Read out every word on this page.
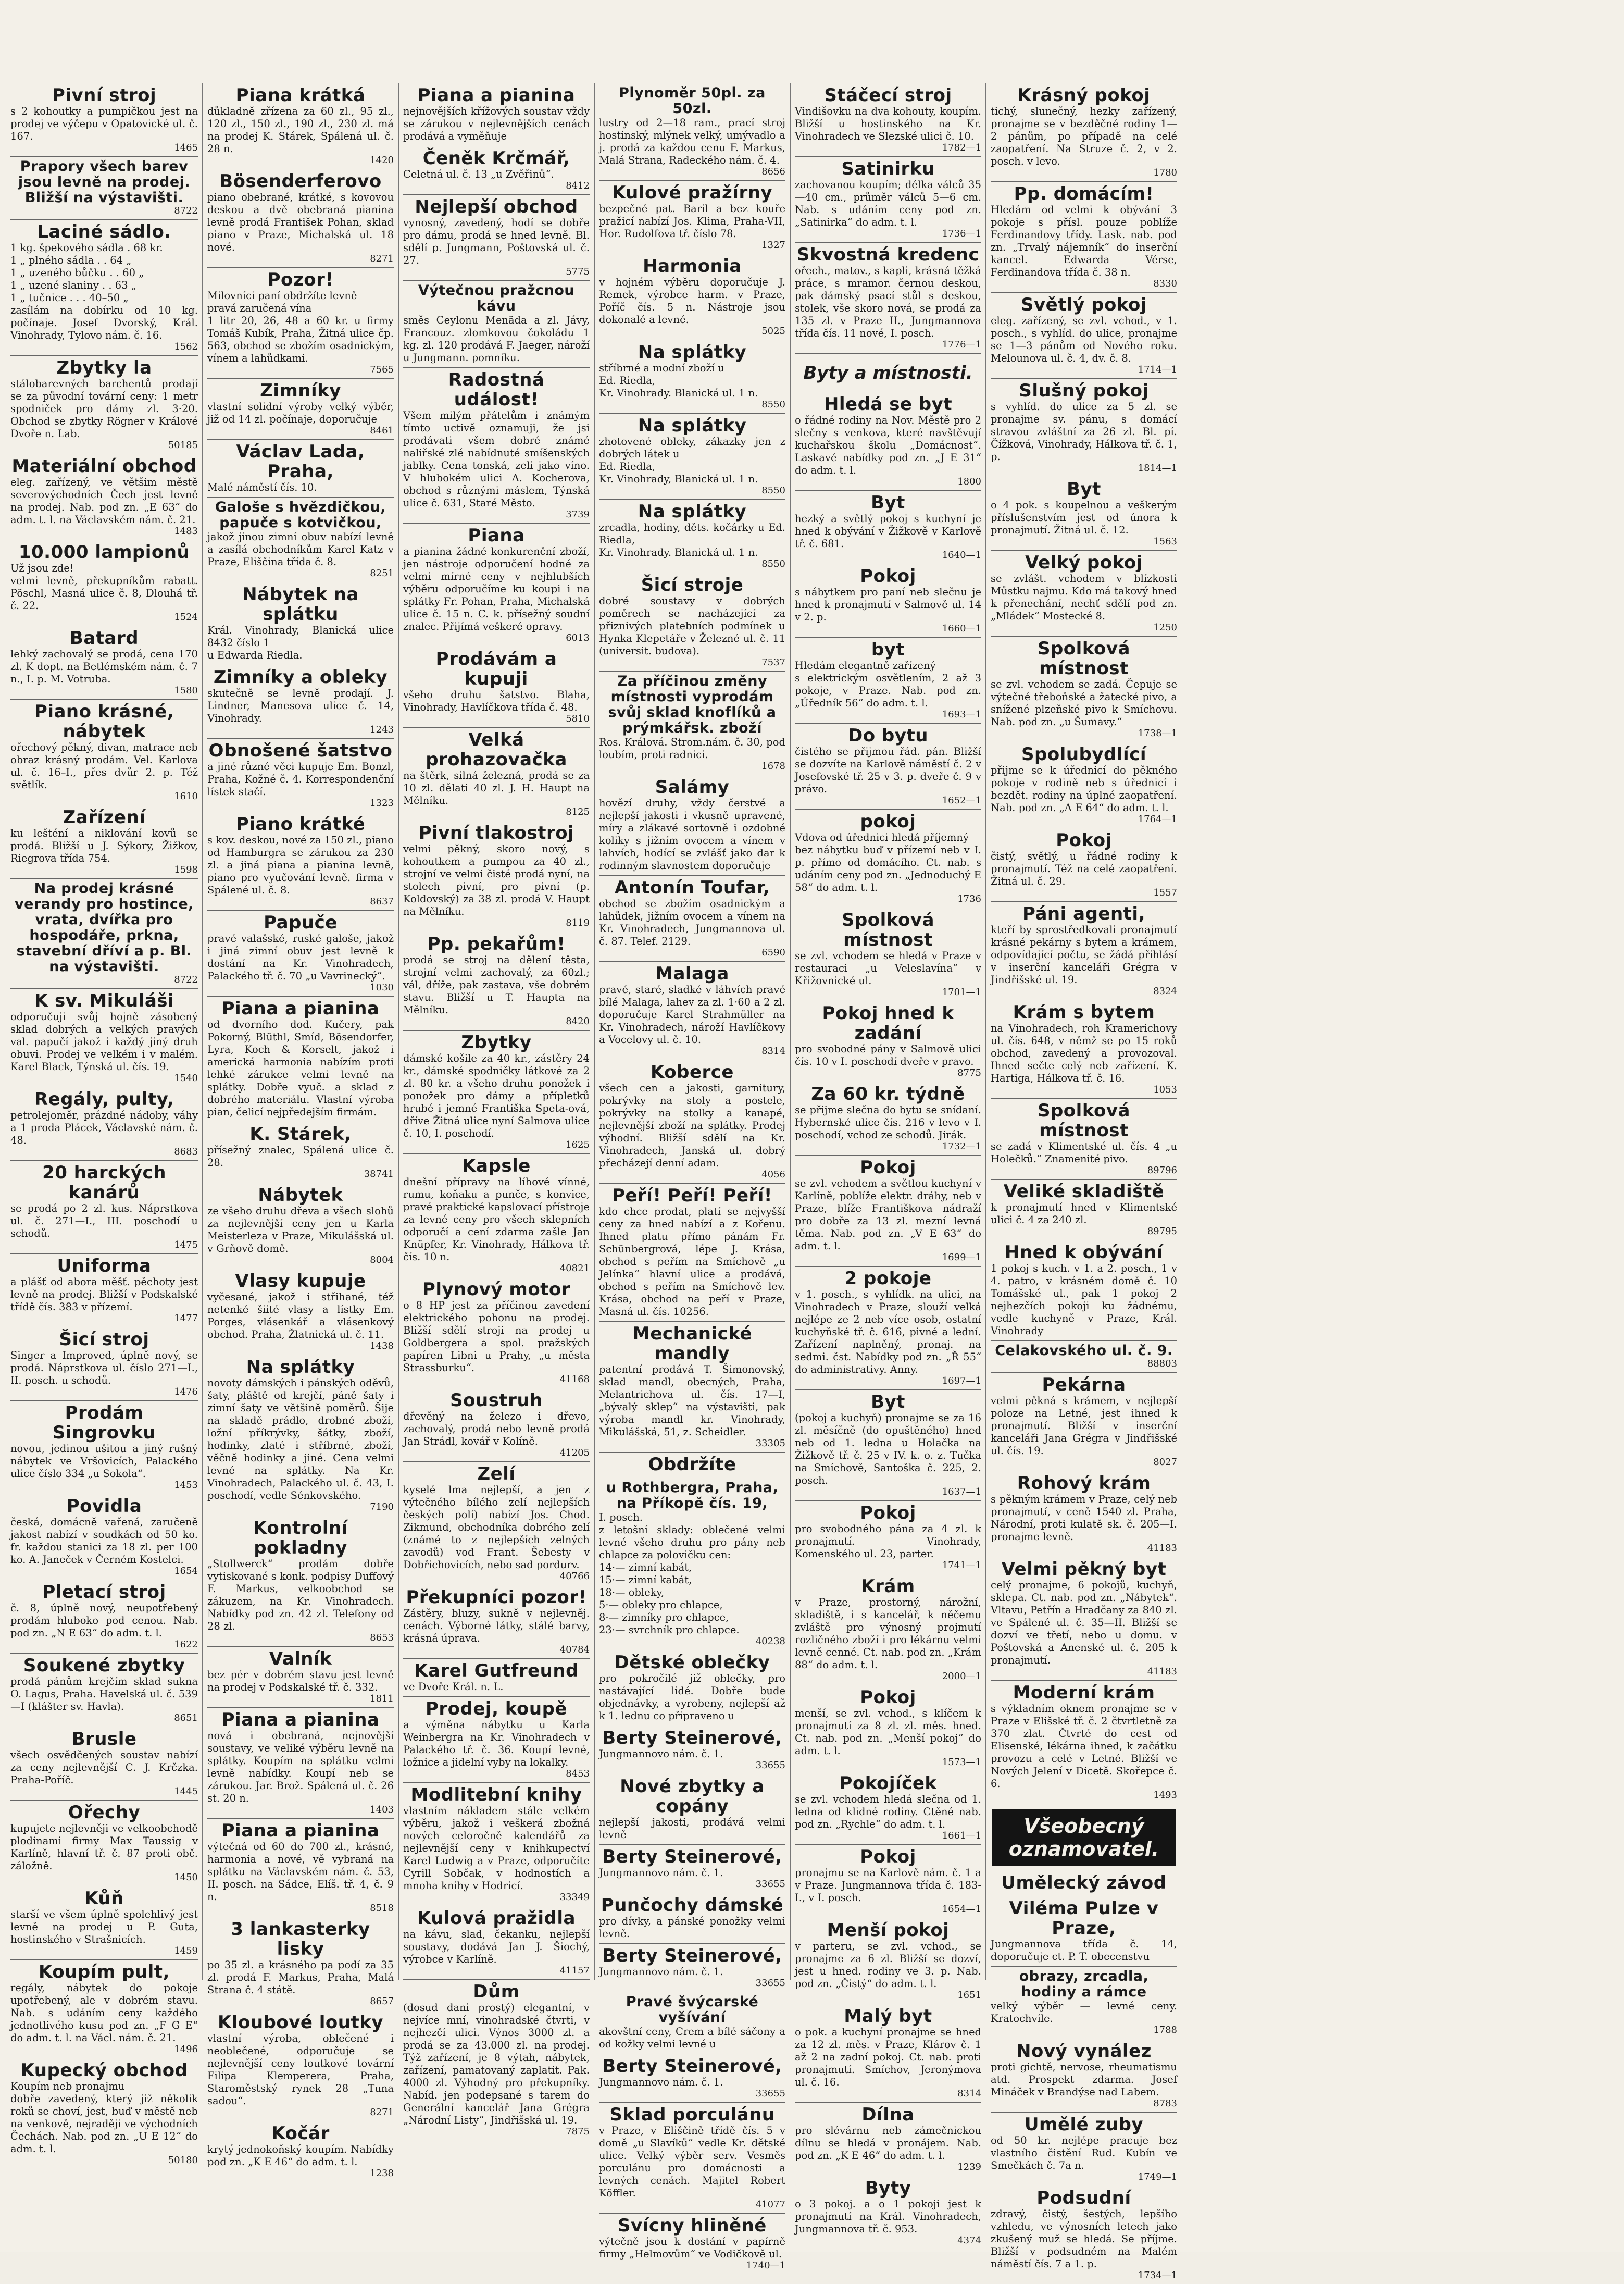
Pivní stroj

s 2 kohoutky a pumpičkou jest na prodej ve výčepu v Opatovické ul. č. 167.

1465
Prapory všech barev jsou levně na prodej. Bližší na výstavišti.
8722
Laciné sádlo.

1 kg. špekového sádla . 68 kr.
1 „ plného sádla . . 64 „
1 „ uzeného bůčku . . 60 „
1 „ uzené slaniny . . 63 „
1 „ tučnice . . . 40–50 „
zasílám na dobírku od 10 kg. počínaje. Josef Dvorský, Král. Vinohrady, Tylovo nám. č. 16.

1562
Zbytky la

stálobarevných barchentů prodají se za původní tovární ceny: 1 metr spodniček pro dámy zl. 3·20. Obchod se zbytky Rögner v Králové Dvoře n. Lab.

50185
Materiální obchod

eleg. zařízený, ve většim městě severovýchodních Čech jest levně na prodej. Nab. pod zn. „E 63“ do adm. t. l. na Václavském nám. č. 21.

1483
10.000 lampionů

Už jsou zde!
velmi levně, překupníkům rabatt. Pöschl, Masná ulice č. 8, Dlouhá tř. č. 22.

1524
Batard

lehký zachovalý se prodá, cena 170 zl. K dopt. na Betlémském nám. č. 7 n., I. p. M. Votruba.

1580
Piano krásné, nábytek

ořechový pěkný, divan, matrace neb obraz krásný prodám. Vel. Karlova ul. č. 16–I., přes dvůr 2. p. Též světlík.

1610
Zařízení

ku lešténí a niklování kovů se prodá. Bližší u J. Sýkory, Žižkov, Riegrova třída 754.

1598
Na prodej krásné verandy pro hostince, vrata, dvířka pro hospodáře, prkna, stavební dříví a p. Bl. na výstavišti.
8722
K sv. Mikuláši

odporučuji svůj hojně zásobený sklad dobrých a velkých pravých val. papučí jakož i každý jiný druh obuvi. Prodej ve velkém i v malém. Karel Black, Týnská ul. čís. 19.

1540
Regály, pulty,

petrolejoměr, prázdné nádoby, váhy a 1 proda Plácek, Václavské nám. č. 48.

8683
20 harckých kanárů

se prodá po 2 zl. kus. Náprstkova ul. č. 271—I., III. poschodí u schodů.

1475
Uniforma

a plášť od abora měšť. pěchoty jest levně na prodej. Bližší v Podskalské třídě čís. 383 v přízemí.

1477
Šicí stroj

Singer a Improved, úplně nový, se prodá. Náprstkova ul. číslo 271—I., II. posch. u schodů.

1476
Prodám Singrovku

novou, jedinou ušitou a jiný rušný nábytek ve Vršovicích, Palackého ulice číslo 334 „u Sokola“.

1453
Povidla

česká, domácně vařená, zaručeně jakost nabízí v soudkách od 50 ko. fr. každou stanici za 18 zl. per 100 ko. A. Janeček v Černém Kostelci.

1654
Pletací stroj

č. 8, úplně nový, neupotřebený prodám hluboko pod cenou. Nab. pod zn. „N E 63“ do adm. t. l.

1622
Soukené zbytky

prodá pánům krejčím sklad sukna O. Lagus, Praha. Havelská ul. č. 539—I (klášter sv. Havla).

8651
Brusle

všech osvědčených soustav nabízí za ceny nejlevnější C. J. Krčzka. Praha-Poříč.

1445
Ořechy

kupujete nejlevněji ve velkoobchodě plodinami firmy Max Taussig v Karlíně, hlavní tř. č. 87 proti obč. záložně.

1450
Kůň

starší ve všem úplně spolehlivý jest levně na prodej u P. Guta, hostinského v Strašnicích.

1459
Koupím pult,

regály, nábytek do pokoje upotřebený, ale v dobrém stavu. Nab. s udáním ceny každého jednotlivého kusu pod zn. „F G E“ do adm. t. l. na Václ. nám. č. 21.

1496
Kupecký obchod

Koupím neb pronajmu
dobře zavedený, který již několik roků se choví, jest, buď v městě neb na venkově, nejraději ve východních Čechách. Nab. pod zn. „U E 12“ do adm. t. l.

50180
Piana krátká

důkladně zřízena za 60 zl., 95 zl., 120 zl., 150 zl., 190 zl., 230 zl. má na prodej K. Stárek, Spálená ul. č. 28 n.

1420
Bösenderferovo

piano obebrané, krátké, s kovovou deskou a dvě obebraná pianina levně prodá František Pohan, sklad piano v Praze, Michalská ul. 18 nové.

8271
Pozor!

Milovníci paní obdržíte levně
pravá zaručená vína
1 litr 20, 26, 48 a 60 kr. u firmy Tomáš Kubík, Praha, Žitná ulice čp. 563, obchod se zbožím osadnickým, vínem a lahůdkami.

7565
Zimníky

vlastní solidní výroby velký výběr, již od 14 zl. počínaje, doporučuje

8461
Václav Lada, Praha,

Malé náměstí čís. 10.

Galoše s hvězdičkou, papuče s kotvičkou,

jakož jinou zimní obuv nabízí levně a zasílá obchodníkům Karel Katz v Praze, Eliščina třída č. 8.

8251
Nábytek na splátku

Král. Vinohrady, Blanická ulice 8432 číslo 1
u Edwarda Riedla.

Zimníky a obleky

skutečně se levně prodají. J. Lindner, Manesova ulice č. 14, Vinohrady.

1243
Obnošené šatstvo

a jiné různé věci kupuje Em. Bonzl, Praha, Kožné č. 4. Korrespondenční lístek stačí.

1323
Piano krátké

s kov. deskou, nové za 150 zl., piano od Hamburgra se zárukou za 230 zl. a jiná piana a pianina levně, piano pro vyučování levně. firma v Spálené ul. č. 8.

8637
Papuče

pravé valašské, ruské galoše, jakož i jiná zimní obuv jest levně k dostání na Kr. Vinohradech, Palackého tř. č. 70 „u Vavrinecký“.

1030
Piana a pianina

od dvorního dod. Kučery, pak Pokorný, Blüthl, Smíd, Bösendorfer, Lyra, Koch & Korselt, jakož i americká harmonia nabízím proti lehké zárukce velmi levně na splátky. Dobře vyuč. a sklad z dobrého materiálu. Vlastní výroba pian, čelicí nejpředejším firmám.

K. Stárek,

přísežný znalec, Spálená ulice č. 28.

38741
Nábytek

ze všeho druhu dřeva a všech slohů za nejlevnější ceny jen u Karla Meisterleza v Praze, Mikulášská ul. v Grňově domě.

8004
Vlasy kupuje

vyčesané, jakož i střihané, též netenké šiité vlasy a lístky Em. Porges, vlásenkář a vlásenkový obchod. Praha, Žlatnická ul. č. 11.

1438
Na splátky

novoty dámských i pánských oděvů, šaty, pláště od krejčí, páně šaty i zimní šaty ve většině poměrů. Šije na skladě prádlo, drobné zboží, ložní příkrývky, šátky, zboží, hodinky, zlaté i stříbrné, zboží, věčně hodinky a jiné. Cena velmi levné na splátky. Na Kr. Vinohradech, Palackého ul. č. 43, I. poschodí, vedle Sénkovského.

7190
Kontrolní pokladny

„Stollwerck“ prodám dobře vytiskované s konk. podpisy Duffový F. Markus, velkoobchod se zákuzem, na Kr. Vinohradech. Nabídky pod zn. 42 zl. Telefony od 28 zl.

8653
Valník

bez pér v dobrém stavu jest levně na prodej v Podskalské tř. č. 332.

1811
Piana a pianina

nová i obebraná, nejnovější soustavy, ve veliké výběru levně na splátky. Koupím na splátku velmi levně nabídky. Koupí neb se zárukou. Jar. Brož. Spálená ul. č. 26 st. 20 n.

1403
Piana a pianina

výtečná od 60 do 700 zl., krásné, harmonia a nové, vě vybraná na splátku na Václavském nám. č. 53, II. posch. na Sádce, Elíš. tř. 4, č. 9 n.

8518
3 lankasterky lisky

po 35 zl. a krásného pa podí za 35 zl. prodá F. Markus, Praha, Malá Strana č. 4 státě.

8657
Kloubové loutky

vlastní výroba, oblečené i neoblečené, odporučuje se nejlevnější ceny loutkové tovární Filipa Klemperera, Praha, Staroměstský rynek 28 „Tuna sadou“.

8271
Kočár

krytý jednokoňský koupím. Nabídky pod zn. „K E 46“ do adm. t. l.

1238
Piana a pianina

nejnovějších křížových soustav vždy se zárukou v nejlevnějších cenách prodává a vyměňuje

Čeněk Krčmář,

Celetná ul. č. 13 „u Zvěřinů“.

8412
Nejlepší obchod

vynosný, zavedený, hodí se dobře pro dámu, prodá se hned levně. Bl. sdělí p. Jungmann, Poštovská ul. č. 27.

5775
Výtečnou pražcnou kávu

směs Ceylonu Menäda a zl. Jávy, Francouz. zlomkovou čokoládu 1 kg. zl. 120 prodává F. Jaeger, nároží u Jungmann. pomníku.

Radostná událost!

Všem milým přátelům i známým tímto uctivě oznamuji, že jsi prodávati všem dobré známé naliřské zlé nabídnuté smíšenských jablky. Cena tonská, zeli jako víno. V hlubokém ulici A. Kocherova, obchod s různými máslem, Týnská ulice č. 631, Staré Město.

3739
Piana

a pianina žádné konkurenční zboží, jen nástroje odporučení hodné za velmi mírné ceny v nejhlubších výběru odporučíme ku koupi i na splátky Fr. Pohan, Praha, Michalská ulice č. 15 n. C. k. přísežný soudní znalec. Přijímá veškeré opravy.

6013
Prodávám a kupuji

všeho druhu šatstvo. Blaha, Vinohrady, Havlíčkova třída č. 48.

5810
Velká prohazovačka

na štěrk, silná železná, prodá se za 10 zl. dělati 40 zl. J. H. Haupt na Mělníku.

8125
Pivní tlakostroj

velmi pěkný, skoro nový, s kohoutkem a pumpou za 40 zl., strojní ve velmi čisté prodá nyní, na stolech pivní, pro pivní (p. Koldovský) za 38 zl. prodá V. Haupt na Mělníku.

8119
Pp. pekařům!

prodá se stroj na dělení těsta, strojní velmi zachovalý, za 60zl.; vál, dříže, pak zastava, vše dobrém stavu. Bližší u T. Haupta na Mělníku.

8420
Zbytky

dámské košile za 40 kr., zástěry 24 kr., dámské spodničky látkové za 2 zl. 80 kr. a všeho druhu ponožek i ponožek pro dámy a přípletků hrubé i jemné Františka Speta-ová, dříve Žitná ulice nyní Salmova ulice č. 10, I. poschodí.

1625
Kapsle

dnešní přípravy na líhové vínné, rumu, koňaku a punče, s konvice, pravé praktické kapslovací přístroje za levné ceny pro všech sklepních odporučí a cení zdarma zašle Jan Knüpfer, Kr. Vinohrady, Hálkova tř. čís. 10 n.

40821
Plynový motor

o 8 HP jest za příčinou zavedení elektrického pohonu na prodej. Bližší sdělí stroji na prodej u Goldbergera a spol. pražských papíren Libni u Prahy, „u města Strassburku“.

41168
Soustruh

dřevěný na železo i dřevo, zachovalý, prodá nebo levně prodá Jan Strádl, kovář v Kolíně.

41205
Zelí

kyselé lma nejlepší, a jen z výtečného bílého zelí nejlepších českých polí) nabízí Jos. Chod. Zikmund, obchodníka dobrého zelí (známé to z nejlepších zelných zavodů) vod Frant. Šebesty v Dobřichovicích, nebo sad pordurv.

40766
Překupníci pozor!

Zástěry, bluzy, sukně v nejlevněj. cenách. Výborné látky, stálé barvy, krásná úprava.

40784
Karel Gutfreund

ve Dvoře Král. n. L.

Prodej, koupě

a výměna nábytku u Karla Weinbergra na Kr. Vinohradech v Palackého tř. č. 36. Koupí levné, ložnice a jidelní vyby na lokalky.

8453
Modlitební knihy

vlastním nákladem stále velkém výběru, jakož i veškerá zbožná nových celoročně kalendářů za nejlevnější ceny v knihkupectví Karel Ludwig a v Praze, odporučíte Cyrill Sobčak, v hodnostích a mnoha knihy v Hodricí.

33349
Kulová pražidla

na kávu, slad, čekanku, nejlepší soustavy, dodává Jan J. Šiochý, výrobce v Karlíně.

41157
Dům

(dosud dani prostý) elegantní, v nejvíce mní, vinohradské čtvrti, v nejhezčí ulici. Výnos 3000 zl. a prodá se za 43.000 zl. na prodej. Týž zařízení, je 8 výtah, nábytek, zařízení, pamatovaný zaplatit. Pak. 4000 zl. Výhodný pro překupníky. Nabíd. jen podepsané s tarem do Generální kancelář Jana Grégra „Národní Listy“, Jindřišská ul. 19.

7875
Plynoměr 50pl. za 50zl.

lustry od 2—18 ram., prací stroj hostinský, mlýnek velký, umývadlo a j. prodá za každou cenu F. Markus, Malá Strana, Radeckého nám. č. 4.

8656
Kulové pražírny

bezpečné pat. Baril a bez kouře pražicí nabízí Jos. Klima, Praha-VII, Hor. Rudolfova tř. číslo 78.

1327
Harmonia

v hojném výběru doporučuje J. Remek, výrobce harm. v Praze, Poříč čís. 5 n. Nástroje jsou dokonalé a levné.

5025
Na splátky

stříbrné a modní zboží u
Ed. Riedla,
Kr. Vinohrady. Blanická ul. 1 n.

8550
Na splátky

zhotovené obleky, zákazky jen z dobrých látek u
Ed. Riedla,
Kr. Vinohrady, Blanická ul. 1 n.

8550
Na splátky

zrcadla, hodiny, děts. kočárky u Ed. Riedla,
Kr. Vinohrady. Blanická ul. 1 n.

8550
Šicí stroje

dobré soustavy v dobrých poměrech se nacházející za přiznivých platebních podmínek u Hynka Klepetáře v Železné ul. č. 11 (universit. budova).

7537
Za příčinou změny místnosti vyprodám svůj sklad knoflíků a prýmkářsk. zboží

Ros. Králová. Strom.nám. č. 30, pod loubím, proti radnici.

1678
Salámy

hovězí druhy, vždy čerstvé a nejlepší jakosti i vkusně upravené, míry a zlákavé sortovně i ozdobné koliky s jižním ovocem a vínem v lahvích, hodící se zvlášť jako dar k rodinným slavnostem doporučuje

Antonín Toufar,

obchod se zbožím osadnickým a lahůdek, jižním ovocem a vínem na Kr. Vinohradech, Jungmannova ul. č. 87. Telef. 2129.

6590
Malaga

pravé, staré, sladké v láhvích pravé bílé Malaga, lahev za zl. 1·60 a 2 zl. doporučuje Karel Strahmüller na Kr. Vinohradech, nároží Havlíčkovy a Vocelovy ul. č. 10.

8314
Koberce

všech cen a jakosti, garnitury, pokrývky na stoly a postele, pokrývky na stolky a kanapé, nejlevnější zboží na splátky. Prodej výhodní. Bližší sdělí na Kr. Vinohradech, Janská ul. dobrý přecházejí denní adam.

4056
Peří! Peří! Peří!

kdo chce prodat, platí se nejvyšší ceny za hned nabízí a z Kořenu. Ihned platu přímo pánám Fr. Schünbergrová, lépe J. Krása, obchod s peřím na Smíchově „u Jelínka“ hlavní ulice a prodává, obchod s peřím na Smíchově lev. Krása, obchod na peří v Praze, Masná ul. čís. 10256.

Mechanické mandly

patentní prodává T. Šimonovský, sklad mandl, obecných, Praha, Melantrichova ul. čís. 17—I, „bývalý sklep“ na výstavišti, pak výroba mandl kr. Vinohrady, Mikulášská, 51, z. Scheidler.

33305
Obdržíte
u Rothbergra, Praha, na Příkopě čís. 19,

I. posch.
z letošní sklady: oblečené velmi levné všeho druhu pro pány neb chlapce za polovičku cen:
14·— zimní kabát,
15·— zimní kabát,
18·— obleky,
5·— obleky pro chlapce,
8·— zimníky pro chlapce,
23·— svrchník pro chlapce.

40238
Dětské oblečky

pro pokročilé již oblečky, pro nastávající lidé. Dobře bude objednávky, a vyrobeny, nejlepší až k 1. lednu co připraveno u

Berty Steinerové,

Jungmannovo nám. č. 1.

33655
Nové zbytky a copány

nejlepší jakosti, prodává velmi levně

Berty Steinerové,

Jungmannovo nám. č. 1.

33655
Punčochy dámské

pro dívky, a pánské ponožky velmi levně.

Berty Steinerové,

Jungmannovo nám. č. 1.

33655
Pravé švýcarské vyšívání

akovštní ceny, Crem a bílé sáčony a od kožky velmi levné u

Berty Steinerové,

Jungmannovo nám. č. 1.

33655
Sklad porculánu

v Praze, v Eliščině třídě čís. 5 v domě „u Slavíků“ vedle Kr. dětské ulice. Velký výběr serv. Vesměs porculánu pro domácnosti a levných cenách. Majitel Robert Köffler.

41077
Svícny hliněné

výtečně jsou k dostání v papírně firmy „Helmovům“ ve Vodičkově ul.

1740—1
Stáčecí stroj

Vindišovku na dva kohouty, koupím. Bližší u hostinského na Kr. Vinohradech ve Slezské ulici č. 10.

1782—1
Satinirku

zachovanou koupím; délka válců 35—40 cm., průměr válců 5—6 cm. Nab. s udáním ceny pod zn. „Satinirka“ do adm. t. l.

1736—1
Skvostná kredenc

ořech., matov., s kapli, krásná těžká práce, s mramor. černou deskou, pak dámský psací stůl s deskou, stolek, vše skoro nová, se prodá za 135 zl. v Praze II., Jungmannova třída čís. 11 nové, I. posch.

1776—1
Byty a místnosti.
Hledá se byt

o řádné rodiny na Nov. Městě pro 2 slečny s venkova, které navštěvují kuchařskou školu „Domácnost“. Laskavé nabídky pod zn. „J E 31“ do adm. t. l.

1800
Byt

hezký a světlý pokoj s kuchyní je hned k obývání v Žižkově v Karlově tř. č. 681.

1640—1
Pokoj

s nábytkem pro paní neb slečnu je hned k pronajmutí v Salmově ul. 14 v 2. p.

1660—1
byt

Hledám elegantně zařízený
s elektrickým osvětlením, 2 až 3 pokoje, v Praze. Nab. pod zn. „Úředník 56“ do adm. t. l.

1693—1
Do bytu

čistého se přijmou řád. pán. Bližší se dozvíte na Karlově náměstí č. 2 v Josefovské tř. 25 v 3. p. dveře č. 9 v právo.

1652—1
pokoj

Vdova od úřednici hledá příjemný
bez nábytku buď v přízemí neb v I. p. přímo od domácího. Ct. nab. s udáním ceny pod zn. „Jednoduchý E 58“ do adm. t. l.

1736
Spolková místnost

se zvl. vchodem se hledá v Praze v restauraci „u Veleslavína“ v Křižovnické ul.

1701—1
Pokoj hned k zadání

pro svobodné pány v Salmově ulici čís. 10 v I. poschodí dveře v pravo.

8775
Za 60 kr. týdně

se přijme slečna do bytu se snídaní. Hybernské ulice čís. 216 v levo v I. poschodí, vchod ze schodů. Jirák.

1732—1
Pokoj

se zvl. vchodem a světlou kuchyní v Karlíně, poblíže elektr. dráhy, neb v Praze, blíže Františkova nádraží pro dobře za 13 zl. mezní levná těma. Nab. pod zn. „V E 63“ do adm. t. l.

1699—1
2 pokoje

v 1. posch., s vyhlídk. na ulici, na Vinohradech v Praze, slouží velká nejlépe ze 2 neb více osob, ostatní kuchyňské tř. č. 616, pivné a lední. Zařízení naplněný, pronaj. na sedmi. čst. Nabídky pod zn. „Ř 55“ do administrativy. Anny.

1697—1
Byt

(pokoj a kuchyň) pronajme se za 16 zl. měsíčně (do opuštěného) hned neb od 1. ledna u Holačka na Žižkově tř. č. 25 v IV. k. o. z. Tučka na Smíchově, Santoška č. 225, 2. posch.

1637—1
Pokoj

pro svobodného pána za 4 zl. k pronajmutí. Vinohrady, Komenského ul. 23, parter.

1741—1
Krám

v Praze, prostorný, nárožní, skladiště, i s kancelář, k něčemu zvláště pro výnosný projmutí rozličného zboží i pro lékárnu velmi levně cenné. Ct. nab. pod zn. „Krám 88“ do adm. t. l.

2000—1
Pokoj

menší, se zvl. vchod., s klíčem k pronajmutí za 8 zl. zl. měs. hned. Ct. nab. pod zn. „Menší pokoj“ do adm. t. l.

1573—1
Pokojíček

se zvl. vchodem hledá slečna od 1. ledna od klidné rodiny. Ctěné nab. pod zn. „Rychle“ do adm. t. l.

1661—1
Pokoj

pronajmu se na Karlově nám. č. 1 a v Praze. Jungmannova třída č. 183-I., v I. posch.

1654—1
Menší pokoj

v parteru, se zvl. vchod., se pronajme za 6 zl. Bližší se dozví, jest u hned. rodiny ve 3. p. Nab. pod zn. „Čistý“ do adm. t. l.

1651
Malý byt

o pok. a kuchyní pronajme se hned za 12 zl. měs. v Praze, Klárov č. 1 až 2 na zadní pokoj. Ct. nab. proti pronajmutí. Smíchov, Jeronýmova ul. č. 16.

8314
Dílna

pro slévárnu neb zámečnickou dílnu se hledá v pronájem. Nab. pod zn. „K E 46“ do adm. t. l.

1239
Byty

o 3 pokoj. a o 1 pokoji jest k pronajmutí na Král. Vinohradech, Jungmannova tř. č. 953.

4374
Krásný pokoj

tichý, slunečný, hezky zařízený, pronajme se v bezděčné rodiny 1—2 pánům, po případě na celé zaopatření. Na Struze č. 2, v 2. posch. v levo.

1780
Pp. domácím!

Hledám od velmi k obývání 3 pokoje s přísl. pouze poblíže Ferdinandovy třídy. Lask. nab. pod zn. „Trvalý nájemník“ do inserční kancel. Edwarda Vérse, Ferdinandova třída č. 38 n.

8330
Světlý pokoj

eleg. zařízený, se zvl. vchod., v 1. posch., s vyhlíd. do ulice, pronajme se 1—3 pánům od Nového roku. Melounova ul. č. 4, dv. č. 8.

1714—1
Slušný pokoj

s vyhlíd. do ulice za 5 zl. se pronajme sv. pánu, s domácí stravou zvláštní za 26 zl. Bl. pí. Čížková, Vinohrady, Hálkova tř. č. 1, p.

1814—1
Byt

o 4 pok. s koupelnou a veškerým příslušenstvím jest od února k pronajmutí. Žitná ul. č. 12.

1563
Velký pokoj

se zvlášt. vchodem v blízkosti Můstku najmu. Kdo má takový hned k přenechání, nechť sdělí pod zn. „Mládek“ Mostecké 8.

1250
Spolková místnost

se zvl. vchodem se zadá. Čepuje se výtečné třeboňské a žatecké pivo, a snížené plzeňské pivo k Smíchovu. Nab. pod zn. „u Šumavy.“

1738—1
Spolubydlící

přijme se k úřednicí do pěkného pokoje v rodině neb s úřednicí i bezdět. rodiny na úplné zaopatření. Nab. pod zn. „A E 64“ do adm. t. l.

1764—1
Pokoj

čistý, světlý, u řádné rodiny k pronajmutí. Též na celé zaopatření. Žitná ul. č. 29.

1557
Páni agenti,

kteří by sprostředkovali pronajmutí krásné pekárny s bytem a krámem, odpovídající počtu, se žádá přihlásí v inserční kanceláři Grégra v Jindřišské ul. 19.

8324
Krám s bytem

na Vinohradech, roh Kramerichovy ul. čís. 648, v němž se po 15 roků obchod, zavedený a provozoval. Ihned sečte celý neb zařízení. K. Hartiga, Hálkova tř. č. 16.

1053
Spolková místnost

se zadá v Klimentské ul. čís. 4 „u Holečků.“ Znamenité pivo.

89796
Veliké skladiště

k pronajmutí hned v Klimentské ulici č. 4 za 240 zl.

89795
Hned k obývání

1 pokoj s kuch. v 1. a 2. posch., 1 v 4. patro, v krásném domě č. 10 Tomášské ul., pak 1 pokoj 2 nejhezčích pokoji ku žádnému, vedle kuchyně v Praze, Král. Vinohrady

Celakovského ul. č. 9.
88803
Pekárna

velmi pěkná s krámem, v nejlepší poloze na Letné, jest ihned k pronajmutí. Bližší v inserční kanceláři Jana Grégra v Jindřišské ul. čís. 19.

8027
Rohový krám

s pěkným krámem v Praze, celý neb pronajmutí, v ceně 1540 zl. Praha, Národní, proti kulatě sk. č. 205—I. pronajme levně.

41183
Velmi pěkný byt

celý pronajme, 6 pokojů, kuchyň, sklepa. Ct. nab. pod zn. „Nábytek“. Vltavu, Petřín a Hradčany za 840 zl. ve Spálené ul. č. 35—II. Bližší se dozví ve třetí, nebo u domu. v Poštovská a Anenské ul. č. 205 k pronajmutí.

41183
Moderní krám

s výkladním oknem pronajme se v Praze v Elišské tř. č. 2 čtvrtletně za 370 zlat. Čtvrté do cest od Elisenské, lékárna ihned, k začátku provozu a celé v Letné. Bližší ve Nových Jelení v Dicetě. Skořepce č. 6.

1493
Všeobecný oznamovatel.
Umělecký závod
Viléma Pulze v Praze,

Jungmannova třída č. 14, doporučuje ct. P. T. obecenstvu

obrazy, zrcadla, hodiny a rámce

velký výběr — levné ceny. Kratochvíle.

1788
Nový vynález

proti gichtě, nervose, rheumatismu atd. Prospekt zdarma. Josef Mináček v Brandýse nad Labem.

8783
Umělé zuby

od 50 kr. nejlépe pracuje bez vlastního čistění Rud. Kubín ve Smečkách č. 7a n.

1749—1
Podsudní

zdravý, čistý, šestých, lepšího vzhledu, ve výnosních letech jako zkušený muž se hledá. Se příjme. Bližší v podsudném na Malém náměstí čís. 7 a 1. p.

1734—1
